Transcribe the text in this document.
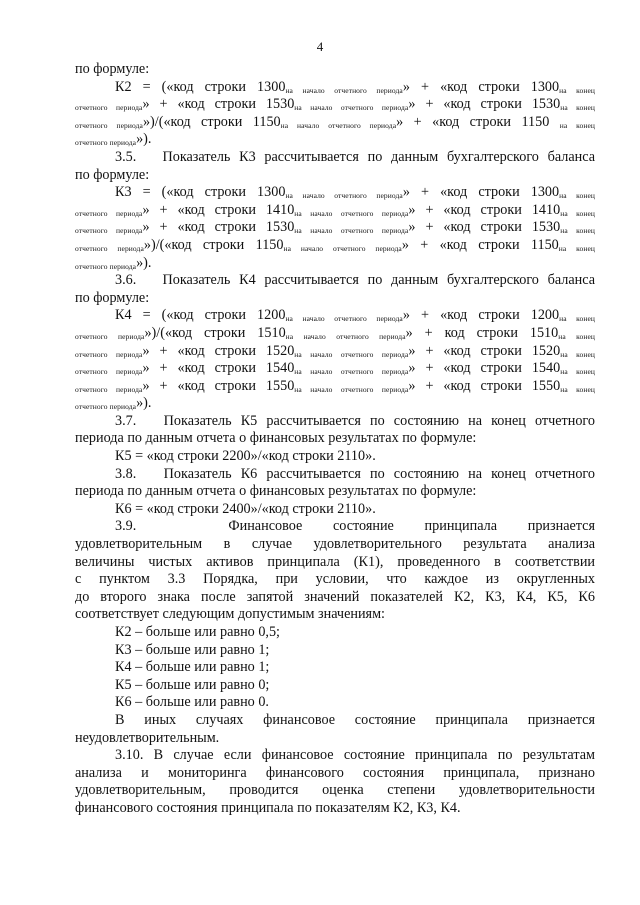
4
по формуле:
К2 = («код строки $1300_{на начало отчетного периода}$» + «код строки $1300_{на конец}$
$_{отчетного периода}$» + «код строки $1530_{на начало отчетного периода}$» + «код строки $1530_{на конец}$
$_{отчетного периода}$»)/(«код строки $1150_{на начало отчетного периода}$» + «код строки 1150 $_{на конец}$
$_{отчетного периода}$»).
3.5.   Показатель К3 рассчитывается по данным бухгалтерского баланса
по формуле:
К3 = («код строки $1300_{на начало отчетного периода}$» + «код строки $1300_{на конец}$
$_{отчетного периода}$» + «код строки $1410_{на начало отчетного периода}$» + «код строки $1410_{на конец}$
$_{отчетного периода}$» + «код строки $1530_{на начало отчетного периода}$» + «код строки $1530_{на конец}$
$_{отчетного периода}$»)/(«код строки $1150_{на начало отчетного периода}$» + «код строки $1150_{на конец}$
$_{отчетного периода}$»).
3.6.   Показатель К4 рассчитывается по данным бухгалтерского баланса
по формуле:
К4 = («код строки $1200_{на начало отчетного периода}$» + «код строки $1200_{на конец}$
$_{отчетного периода}$»)/(«код строки $1510_{на начало отчетного периода}$» + код строки $1510_{на конец}$
$_{отчетного периода}$» + «код строки $1520_{на начало отчетного периода}$» + «код строки $1520_{на конец}$
$_{отчетного периода}$» + «код строки $1540_{на начало отчетного периода}$» + «код строки $1540_{на конец}$
$_{отчетного периода}$» + «код строки $1550_{на начало отчетного периода}$» + «код строки $1550_{на конец}$
$_{отчетного периода}$»).
3.7.   Показатель К5 рассчитывается по состоянию на конец отчетного
периода по данным отчета о финансовых результатах по формуле:
К5 = «код строки 2200»/«код строки 2110».
3.8.   Показатель К6 рассчитывается по состоянию на конец отчетного
периода по данным отчета о финансовых результатах по формуле:
К6 = «код строки 2400»/«код строки 2110».
3.9.   Финансовое состояние принципала признается
удовлетворительным в случае удовлетворительного результата анализа
величины чистых активов принципала (К1), проведенного в соответствии
с пунктом 3.3 Порядка, при условии, что каждое из округленных
до второго знака после запятой значений показателей К2, К3, К4, К5, К6
соответствует следующим допустимым значениям:
К2 – больше или равно 0,5;
К3 – больше или равно 1;
К4 – больше или равно 1;
К5 – больше или равно 0;
К6 – больше или равно 0.
В иных случаях финансовое состояние принципала признается
неудовлетворительным.
3.10. В случае если финансовое состояние принципала по результатам
анализа и мониторинга финансового состояния принципала, признано
удовлетворительным, проводится оценка степени удовлетворительности
финансового состояния принципала по показателям К2, К3, К4.
